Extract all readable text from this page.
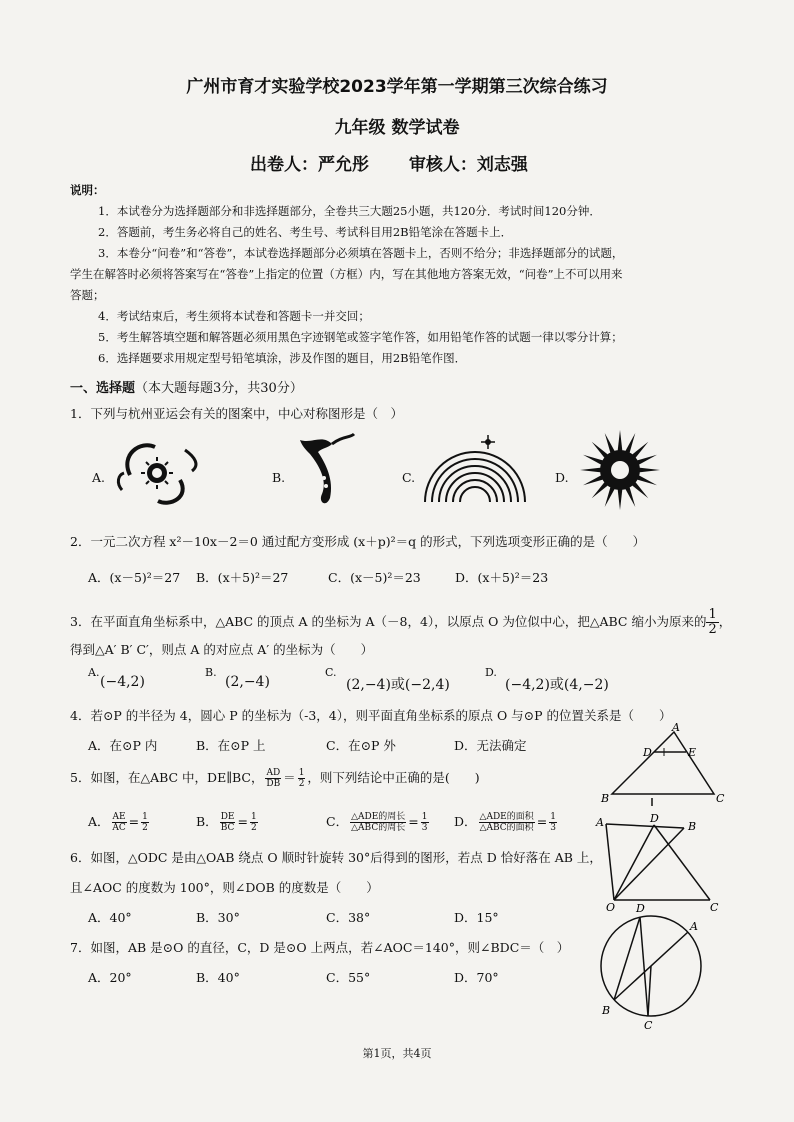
广州市育才实验学校2023学年第一学期第三次综合练习
九年级 数学试卷
出卷人：严允彤 审核人：刘志强
说明：
1．本试卷分为选择题部分和非选择题部分，全卷共三大题25小题，共120分．考试时间120分钟．
2．答题前，考生务必将自己的姓名、考生号、考试科目用2B铅笔涂在答题卡上．
3．本卷分“问卷”和“答卷”，本试卷选择题部分必须填在答题卡上，否则不给分；非选择题部分的试题，
学生在解答时必须将答案写在“答卷”上指定的位置（方框）内，写在其他地方答案无效，“问卷”上不可以用来
答题；
4．考试结束后，考生须将本试卷和答题卡一并交回；
5．考生解答填空题和解答题必须用黑色字迹钢笔或签字笔作答，如用铅笔作答的试题一律以零分计算；
6．选择题要求用规定型号铅笔填涂，涉及作图的题目，用2B铅笔作图．
一、选择题（本大题每题3分，共30分）
1．下列与杭州亚运会有关的图案中，中心对称图形是（　）
A.	B.	C.	D.
2．一元二次方程 x²－10x－2＝0 通过配方变形成 (x＋p)²＝q 的形式，下列选项变形正确的是（　　）
A．(x－5)²＝27 B．(x＋5)²＝27	C．(x－5)²＝23	D．(x＋5)²＝23
3．在平面直角坐标系中，△ABC 的顶点 A 的坐标为 A（－8，4），以原点 O 为位似中心，把△ABC 缩小为原来的 $\frac{1}{2}$ ，
得到△A′ B′ C′，则点 A 的对应点 A′ 的坐标为（　　）
A.
(−4,2)
B.
(2,−4)
C.
(2,−4)或(−2,4)
D.
(−4,2)或(4,−2)
4．若⊙P 的半径为 4，圆心 P 的坐标为（-3，4），则平面直角坐标系的原点 O 与⊙P 的位置关系是（　　）
A．在⊙P 内	B．在⊙P 上	C．在⊙P 外	D．无法确定
5．如图，在△ABC 中，DE∥BC， $\frac{AD}{DB} = \frac{1}{2}$ ，则下列结论中正确的是(　　)
A． $\frac{AE}{AC} = \frac{1}{2}$	B． $\frac{DE}{BC} = \frac{1}{2}$	C． $\frac{\text{△ADE的周长}}{\text{△ABC的周长}} = \frac{1}{3}$ D． $\frac{\text{△ADE的面积}}{\text{△ABC的面积}} = \frac{1}{3}$
A
D	E
B	C
6．如图，△ODC 是由△OAB 绕点 O 顺时针旋转 30°后得到的图形，若点 D 恰好落在 AB 上，
且∠AOC 的度数为 100°，则∠DOB 的度数是（　　）
A．40°	B．30°	C．38°	D．15°
A	D
B
O	C
7．如图，AB 是⊙O 的直径，C，D 是⊙O 上两点，若∠AOC＝140°，则∠BDC＝（　）
A．20°	B．40°	C．55°	D．70°
D
A
B
C
第1页，共4页
